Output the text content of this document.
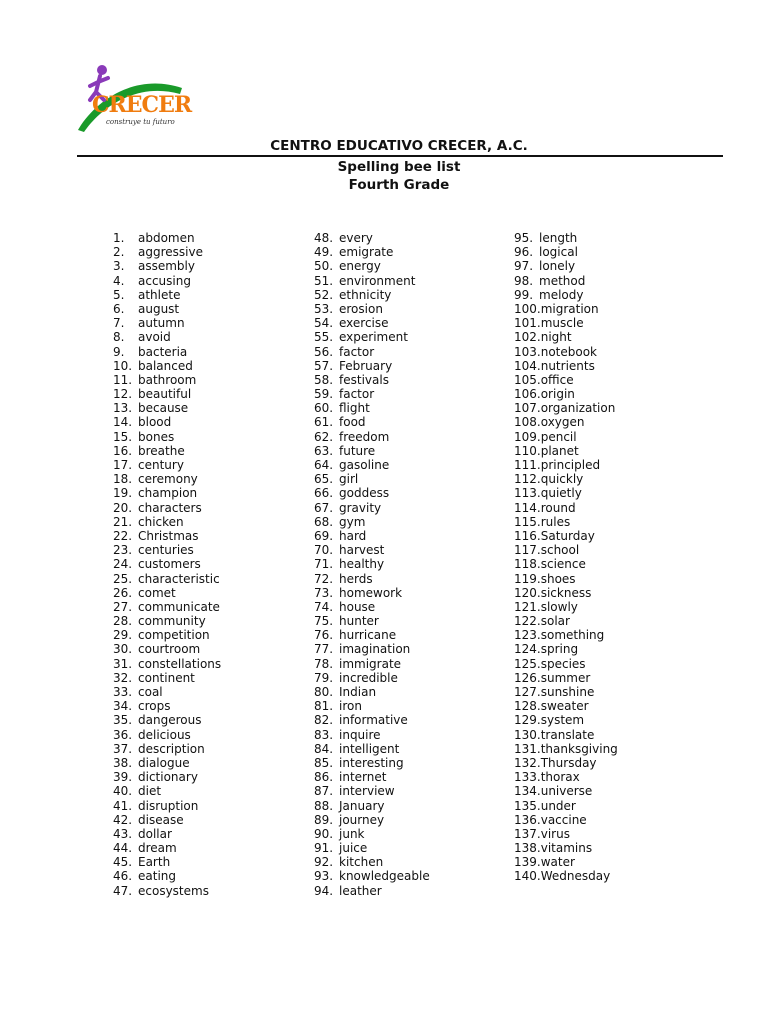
CRECER
construye tu futuro
CENTRO EDUCATIVO CRECER, A.C.
Spelling bee list
Fourth Grade
1. abdomen
2. aggressive
3. assembly
4. accusing
5. athlete
6. august
7. autumn
8. avoid
9. bacteria
10. balanced
11. bathroom
12. beautiful
13. because
14. blood
15. bones
16. breathe
17. century
18. ceremony
19. champion
20. characters
21. chicken
22. Christmas
23. centuries
24. customers
25. characteristic
26. comet
27. communicate
28. community
29. competition
30. courtroom
31. constellations
32. continent
33. coal
34. crops
35. dangerous
36. delicious
37. description
38. dialogue
39. dictionary
40. diet
41. disruption
42. disease
43. dollar
44. dream
45. Earth
46. eating
47. ecosystems
48. every
49. emigrate
50. energy
51. environment
52. ethnicity
53. erosion
54. exercise
55. experiment
56. factor
57. February
58. festivals
59. factor
60. flight
61. food
62. freedom
63. future
64. gasoline
65. girl
66. goddess
67. gravity
68. gym
69. hard
70. harvest
71. healthy
72. herds
73. homework
74. house
75. hunter
76. hurricane
77. imagination
78. immigrate
79. incredible
80. Indian
81. iron
82. informative
83. inquire
84. intelligent
85. interesting
86. internet
87. interview
88. January
89. journey
90. junk
91. juice
92. kitchen
93. knowledgeable
94. leather
95. length
96. logical
97. lonely
98. method
99. melody
100.migration
101.muscle
102.night
103.notebook
104.nutrients
105.office
106.origin
107.organization
108.oxygen
109.pencil
110.planet
111.principled
112.quickly
113.quietly
114.round
115.rules
116.Saturday
117.school
118.science
119.shoes
120.sickness
121.slowly
122.solar
123.something
124.spring
125.species
126.summer
127.sunshine
128.sweater
129.system
130.translate
131.thanksgiving
132.Thursday
133.thorax
134.universe
135.under
136.vaccine
137.virus
138.vitamins
139.water
140.Wednesday
